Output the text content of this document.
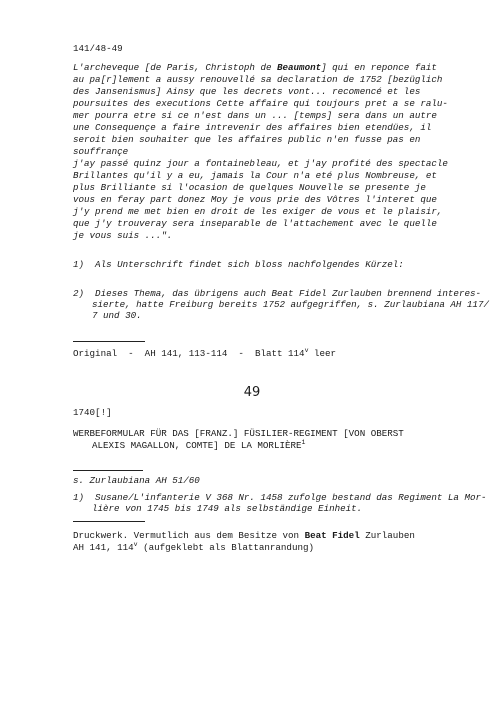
141/48-49
L'archeveque [de Paris, Christoph de Beaumont] qui en reponce fait
au pa[r]lement a aussy renouvellé sa declaration de 1752 [bezüglich
des Jansenismus] Ainsy que les decrets vont... recomencé et les
poursuites des executions Cette affaire qui toujours pret a se ralu-
mer pourra etre si ce n'est dans un ... [temps] sera dans un autre
une Consequençe a faire intrevenir des affaires bien etendües, il
seroit bien souhaiter que les affaires public n'en fusse pas en
souffrançe
j'ay passé quinz jour a fontainebleau, et j'ay profité des spectacle
Brillantes qu'il y a eu, jamais la Cour n'a eté plus Nombreuse, et
plus Brilliante si l'ocasion de quelques Nouvelle se presente je
vous en feray part donez Moy je vous prie des Vôtres l'interet que
j'y prend me met bien en droit de les exiger de vous et le plaisir,
que j'y trouveray sera inseparable de l'attachement avec le quelle
je vous suis ...".
1)  Als Unterschrift findet sich bloss nachfolgendes Kürzel:
2)  Dieses Thema, das übrigens auch Beat Fidel Zurlauben brennend interes-
sierte, hatte Freiburg bereits 1752 aufgegriffen, s. Zurlaubiana AH 117/
7 und 30.
Original  -  AH 141, 113-114  -  Blatt 114$^v$ leer
49
1740[!]
WERBEFORMULAR FÜR DAS [FRANZ.] FÜSILIER-REGIMENT [VON OBERST
ALEXIS MAGALLON, COMTE] DE LA MORLIÈRE$^1$
s. Zurlaubiana AH 51/60
1)  Susane/L'infanterie V 368 Nr. 1458 zufolge bestand das Regiment La Mor-
lière von 1745 bis 1749 als selbständige Einheit.
Druckwerk. Vermutlich aus dem Besitze von Beat Fidel Zurlauben
AH 141, 114$^v$ (aufgeklebt als Blattanrandung)
